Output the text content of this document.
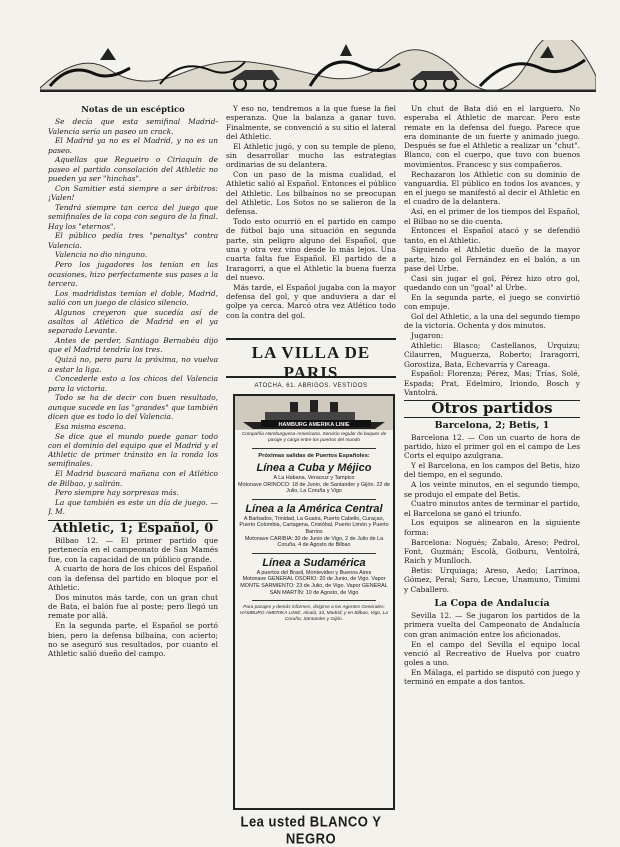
Notas de un escéptico

Se decía que esta semifinal Madrid-Valencia sería un paseo un crack.

El Madrid ya no es el Madrid, y no es un paseo.

Aquellas que Regueiro o Ciriaquín de paseo el partido consolación del Athletic no pueden ya ser "hinchas".

Con Samitier está siempre a ser árbitros: ¡Valen!

Tendrá siempre tan cerca del juego que semifinales de la copa con seguro de la final. Hay los "eternos".

El público pedía tres "penaltys" contra Valencia.

Valencia no dio ninguno.

Pero los jugadores los tenían en las ocasiones, hizo perfectamente sus pases a la tercera.

Los madridistas temían el doble, Madrid, salió con un juego de clásico silencio.

Algunos creyeron que sucedía así de asaltos al Atlético de Madrid en el ya separado Levante.

Antes de perder, Santiago Bernabéu dijo que el Madrid tendría los tres.

Quizá no, pero para la próxima, no vuelva a estar la liga.

Concederle esto a los chicos del Valencia para la victoria.

Todo se ha de decir con buen resultado, aunque sucede en las "grandes" que también dicen que es todo lo del Valencia.

Esa misma escena.

Se dice que el mundo puede ganar todo con el dominio del equipo que el Madrid y el Athletic de primer tránsito en la ronda los semifinales.

El Madrid buscará mañana con el Atlético de Bilbao, y salirán.

Pero siempre hay sorpresas más.

La que también es este un día de juego. — J. M.

Athletic, 1; Español, 0

Bilbao 12. — El primer partido que pertenecía en el campeonato de San Mamés fue, con la capacidad de un público grande.

A cuarto de hora de los chicos del Español con la defensa del partido en bloque por el Athletic.

Dos minutos más tarde, con un gran chut de Bata, el balón fue al poste; pero llegó un remate por allá.

En la segunda parte, el Español se portó bien, pero la defensa bilbaína, con acierto; no se aseguró sus resultados, por cuanto el Athletic salió dueño del campo.

Y eso no, tendremos a la que fuese la fiel esperanza. Que la balanza a ganar tuvo. Finalmente, se convenció a su sitio el lateral del Athletic.

El Athletic jugó, y con su temple de pleno, sin desarrollar mucho las estrategias ordinarias de su delantera.

Con un paso de la misma cualidad, el Athletic salió al Español. Entonces el público del Athletic. Los bilbaínos no se preocupan del Athletic. Los Sotos no se salieron de la defensa.

Todo esto ocurrió en el partido en campo de fútbol bajo una situación en segunda parte, sin peligro alguno del Español, que una y otra vez vino desde lo más lejos. Una cuarta falta fue Español. El partido de a Iraragorri, a que el Athletic la buena fuerza del nuevo.

Más tarde, el Español jugaba con la mayor defensa del gol, y que anduviera a dar el golpe ya cerca. Marcó otra vez Atlético todo con la contra del gol.

LA VILLA DE PARIS
ATOCHA, 61. ABRIGOS. VESTIDOS
HAMBURG AMERIKA LINIE
Compañía Hamburguesa-Americana. Servicio regular de buques de pasaje y carga entre los puertos del mundo
Próximas salidas de Puertos Españoles:
Línea a Cuba y Méjico
A La Habana, Veracruz y Tampico
Motonave ORINOCO: 18 de Junio, de Santander y Gijón. 22 de Julio, La Coruña y Vigo
Línea a la América Central
A Barbados, Trinidad, La Guaira, Puerto Cabello, Curaçao, Puerto Colombia, Cartagena, Cristóbal, Puerto Limón y Puerto Barrios
Motonave CARIBIA: 30 de Junio de Vigo, 2 de Julio de La Coruña, 4 de Agosto de Bilbao
Línea a Sudamérica
A puertos del Brasil, Montevideo y Buenos Aires
Motonave GENERAL OSORIO: 20 de Junio, de Vigo. Vapor MONTE SARMIENTO: 23 de Julio, de Vigo. Vapor GENERAL SAN MARTÍN: 10 de Agosto, de Vigo
Para pasajes y demás informes, dirigirse a los Agentes Generales: HAMBURG AMERIKA LINIE, Alcalá, 33, Madrid; y en Bilbao, Vigo, La Coruña, Santander y Gijón.
Lea usted BLANCO Y NEGRO

Un chut de Bata dió en el larguero. No esperaba el Athletic de marcar. Pero este remate en la defensa del fuego. Parece que era dominante de un fuerte y animado juego. Después se fue el Athletic a realizar un "chut". Blanco, con el cuerpo, que tuvo con buenos movimientos. Francesc y sus compañeros.

Rechazaron los Athletic con su dominio de vanguardia. El público en todos los avances, y en el juego se manifestó al decir el Athletic en el cuadro de la delantera.

Así, en el primer de los tiempos del Español, el Bilbao no se dio cuenta.

Entonces el Español atacó y se defendió tanto, en el Athletic.

Siguiendo el Athletic dueño de la mayor parte, hizo gol Fernández en el balón, a un pase del Urbe.

Casi sin jugar el gol, Pérez hizo otro gol, quedando con un "goal" al Urbe.

En la segunda parte, el juego se convirtió con empuje.

Gol del Athletic, a la una del segundo tiempo de la victoria. Ochenta y dos minutos.

Jugaron:

Athletic: Blasco; Castellanos, Urquizu; Cilaurren, Muguerza, Roberto; Iraragorri, Gorostiza, Bata, Echevarría y Careaga.

Español: Florenza; Pérez, Mas; Trías, Solé, Espada; Prat, Edelmiro, Iriondo, Bosch y Vantolrá.

Otros partidos
Barcelona, 2; Betis, 1

Barcelona 12. — Con un cuarto de hora de partido, hizo el primer gol en el campo de Les Corts el equipo azulgrana.

Y el Barcelona, en los campos del Betis, hizo del tiempo, en el segundo.

A los veinte minutos, en el segundo tiempo, se produjo el empate del Betis.

Cuatro minutos antes de terminar el partido, el Barcelona se ganó el triunfo.

Los equipos se alinearon en la siguiente forma:

Barcelona: Nogués; Zabalo, Areso; Pedrol, Font, Guzmán; Escolà, Goiburu, Ventolrá, Raich y Munlloch.

Betis: Urquiaga; Areso, Aedo; Larrinoa, Gómez, Peral; Saro, Lecue, Unamuno, Timimi y Caballero.

La Copa de Andalucía

Sevilla 12. — Se jugaron los partidos de la primera vuelta del Campeonato de Andalucía con gran animación entre los aficionados.

En el campo del Sevilla el equipo local venció al Recreativo de Huelva por cuatro goles a uno.

En Málaga, el partido se disputó con juego y terminó en empate a dos tantos.
